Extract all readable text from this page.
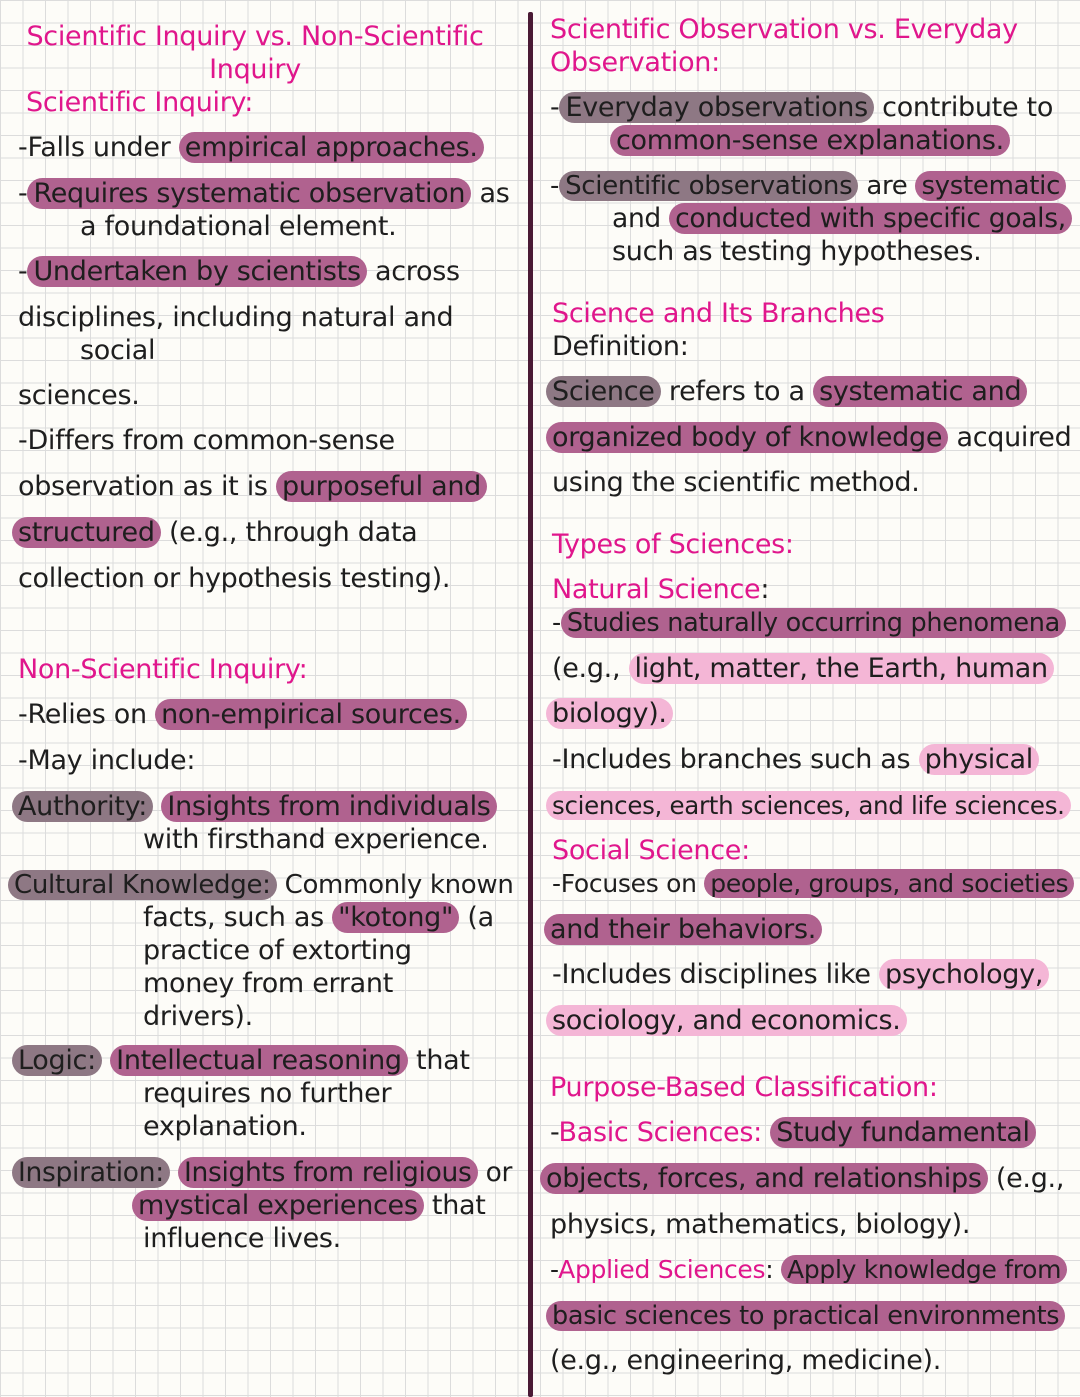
Scientific Inquiry vs. Non-Scientific
Inquiry
Scientific Inquiry:
-Falls under empirical approaches.
- Requires systematic observation as
a foundational element.
- Undertaken by scientists across
disciplines, including natural and
social
sciences.
-Differs from common-sense
observation as it is purposeful and
structured (e.g., through data
collection or hypothesis testing).
Non-Scientific Inquiry:
-Relies on non-empirical sources.
-May include:
Authority: Insights from individuals
with firsthand experience.
Cultural Knowledge: Commonly known
facts, such as "kotong" (a
practice of extorting
money from errant
drivers).
Logic: Intellectual reasoning that
requires no further
explanation.
Inspiration: Insights from religious or
mystical experiences that
influence lives.
Scientific Observation vs. Everyday
Observation:
- Everyday observations contribute to
common-sense explanations.
- Scientific observations are systematic
and conducted with specific goals,
such as testing hypotheses.
Science and Its Branches
Definition:
Science refers to a systematic and
organized body of knowledge acquired
using the scientific method.
Types of Sciences:
Natural Science:
- Studies naturally occurring phenomena
(e.g., light, matter, the Earth, human
biology).
-Includes branches such as physical
sciences, earth sciences, and life sciences.
Social Science:
-Focuses on people, groups, and societies
and their behaviors.
-Includes disciplines like psychology,
sociology, and economics.
Purpose-Based Classification:
-Basic Sciences: Study fundamental
objects, forces, and relationships (e.g.,
physics, mathematics, biology).
-Applied Sciences: Apply knowledge from
basic sciences to practical environments
(e.g., engineering, medicine).
